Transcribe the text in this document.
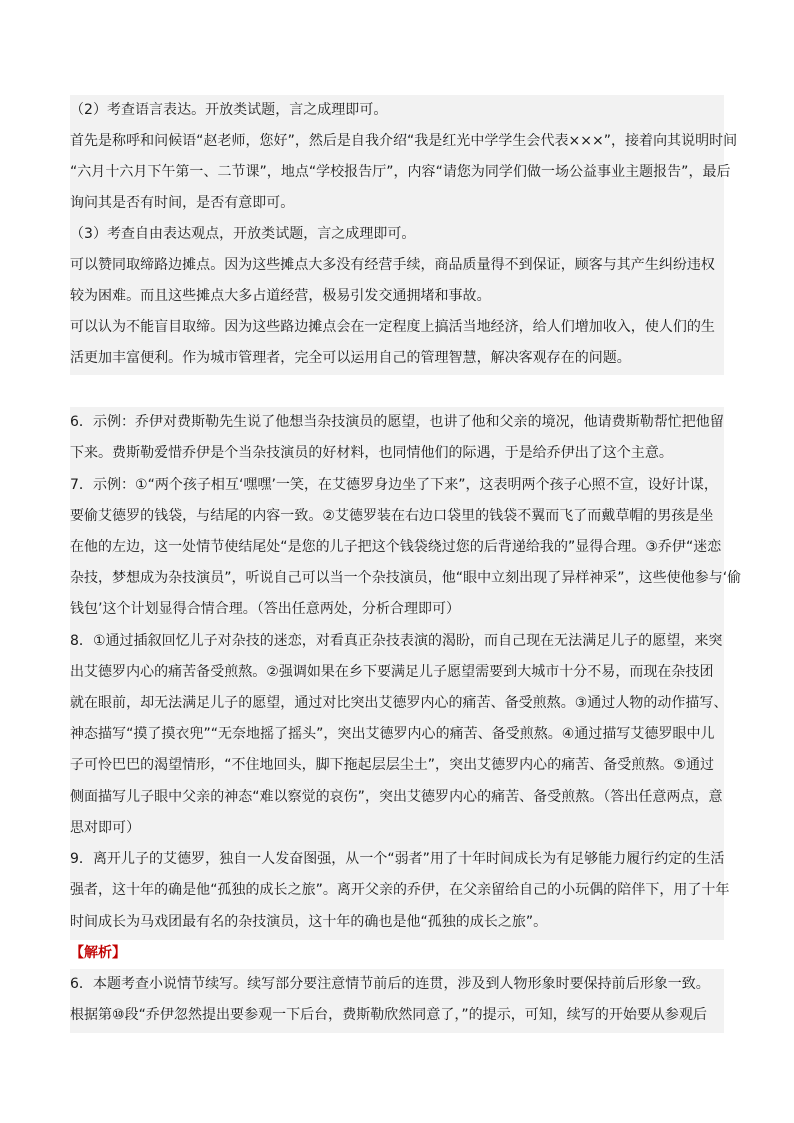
（2）考查语言表达。开放类试题，言之成理即可。
首先是称呼和问候语“赵老师，您好”，然后是自我介绍“我是红光中学学生会代表×××”，接着向其说明时间
“六月十六月下午第一、二节课”，地点“学校报告厅”，内容“请您为同学们做一场公益事业主题报告”，最后
询问其是否有时间，是否有意即可。
（3）考查自由表达观点，开放类试题，言之成理即可。
可以赞同取缔路边摊点。因为这些摊点大多没有经营手续，商品质量得不到保证，顾客与其产生纠纷违权
较为困难。而且这些摊点大多占道经营，极易引发交通拥堵和事故。
可以认为不能盲目取缔。因为这些路边摊点会在一定程度上搞活当地经济，给人们增加收入，使人们的生
活更加丰富便利。作为城市管理者，完全可以运用自己的管理智慧，解决客观存在的问题。
6．示例：乔伊对费斯勒先生说了他想当杂技演员的愿望，也讲了他和父亲的境况，他请费斯勒帮忙把他留
下来。费斯勒爱惜乔伊是个当杂技演员的好材料，也同情他们的际遇，于是给乔伊出了这个主意。
7．示例：①“两个孩子相互‘嘿嘿’一笑，在艾德罗身边坐了下来”，这表明两个孩子心照不宣，设好计谋，
要偷艾德罗的钱袋，与结尾的内容一致。②艾德罗装在右边口袋里的钱袋不翼而飞了而戴草帽的男孩是坐
在他的左边，这一处情节使结尾处“是您的儿子把这个钱袋绕过您的后背递给我的”显得合理。③乔伊“迷恋
杂技，梦想成为杂技演员”，听说自己可以当一个杂技演员，他“眼中立刻出现了异样神采”，这些使他参与‘偷
钱包’这个计划显得合情合理。（答出任意两处，分析合理即可）
8．①通过插叙回忆儿子对杂技的迷恋，对看真正杂技表演的渴盼，而自己现在无法满足儿子的愿望，来突
出艾德罗内心的痛苦备受煎熬。②强调如果在乡下要满足儿子愿望需要到大城市十分不易，而现在杂技团
就在眼前，却无法满足儿子的愿望，通过对比突出艾德罗内心的痛苦、备受煎熬。③通过人物的动作描写、
神态描写“摸了摸衣兜”“无奈地摇了摇头”，突出艾德罗内心的痛苦、备受煎熬。④通过描写艾德罗眼中儿
子可怜巴巴的渴望情形，“不住地回头，脚下拖起层层尘土”，突出艾德罗内心的痛苦、备受煎熬。⑤通过
侧面描写儿子眼中父亲的神态“难以察觉的哀伤”，突出艾德罗内心的痛苦、备受煎熬。（答出任意两点，意
思对即可）
9．离开儿子的艾德罗，独自一人发奋图强，从一个“弱者”用了十年时间成长为有足够能力履行约定的生活
强者，这十年的确是他“孤独的成长之旅”。离开父亲的乔伊，在父亲留给自己的小玩偶的陪伴下，用了十年
时间成长为马戏团最有名的杂技演员，这十年的确也是他“孤独的成长之旅”。
【解析】
6．本题考查小说情节续写。续写部分要注意情节前后的连贯，涉及到人物形象时要保持前后形象一致。
根据第⑩段“乔伊忽然提出要参观一下后台，费斯勒欣然同意了，”的提示，可知，续写的开始要从参观后
